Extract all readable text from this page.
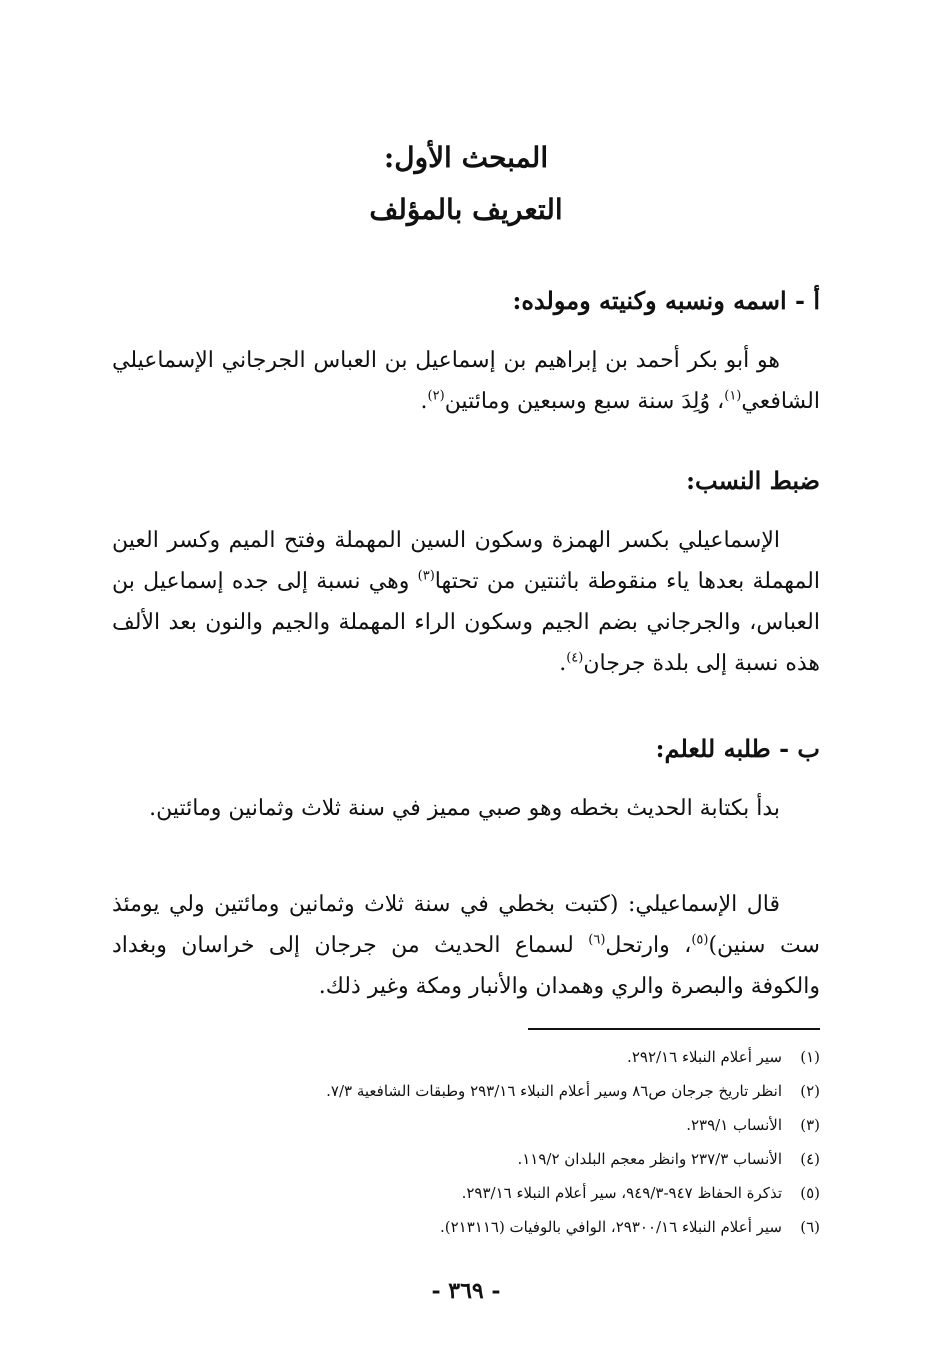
المبحث الأول:
التعريف بالمؤلف
أ - اسمه ونسبه وكنيته ومولده:

هو أبو بكر أحمد بن إبراهيم بن إسماعيل بن العباس الجرجاني الإسماعيلي الشافعي$^{(١)}$، وُلِدَ سنة سبع وسبعين ومائتين$^{(٢)}$.

ضبط النسب:

الإسماعيلي بكسر الهمزة وسكون السين المهملة وفتح الميم وكسر العين المهملة بعدها ياء منقوطة باثنتين من تحتها$^{(٣)}$ وهي نسبة إلى جده إسماعيل بن العباس، والجرجاني بضم الجيم وسكون الراء المهملة والجيم والنون بعد الألف هذه نسبة إلى بلدة جرجان$^{(٤)}$.

ب - طلبه للعلم:

بدأ بكتابة الحديث بخطه وهو صبي مميز في سنة ثلاث وثمانين ومائتين.

قال الإسماعيلي: (كتبت بخطي في سنة ثلاث وثمانين ومائتين ولي يومئذ ست سنين)$^{(٥)}$، وارتحل$^{(٦)}$ لسماع الحديث من جرجان إلى خراسان وبغداد والكوفة والبصرة والري وهمدان والأنبار ومكة وغير ذلك.

(١)
سير أعلام النبلاء ٢٩٢/١٦.
(٢)
انظر تاريخ جرجان ص٨٦ وسير أعلام النبلاء ٢٩٣/١٦ وطبقات الشافعية ٧/٣.
(٣)
الأنساب ٢٣٩/١.
(٤)
الأنساب ٢٣٧/٣ وانظر معجم البلدان ١١٩/٢.
(٥)
تذكرة الحفاظ ٩٤٧-٩٤٩/٣، سير أعلام النبلاء ٢٩٣/١٦.
(٦)
سير أعلام النبلاء ٢٩٣٠٠/١٦، الوافي بالوفيات (٢١٣١١٦).

- ٣٦٩ -
